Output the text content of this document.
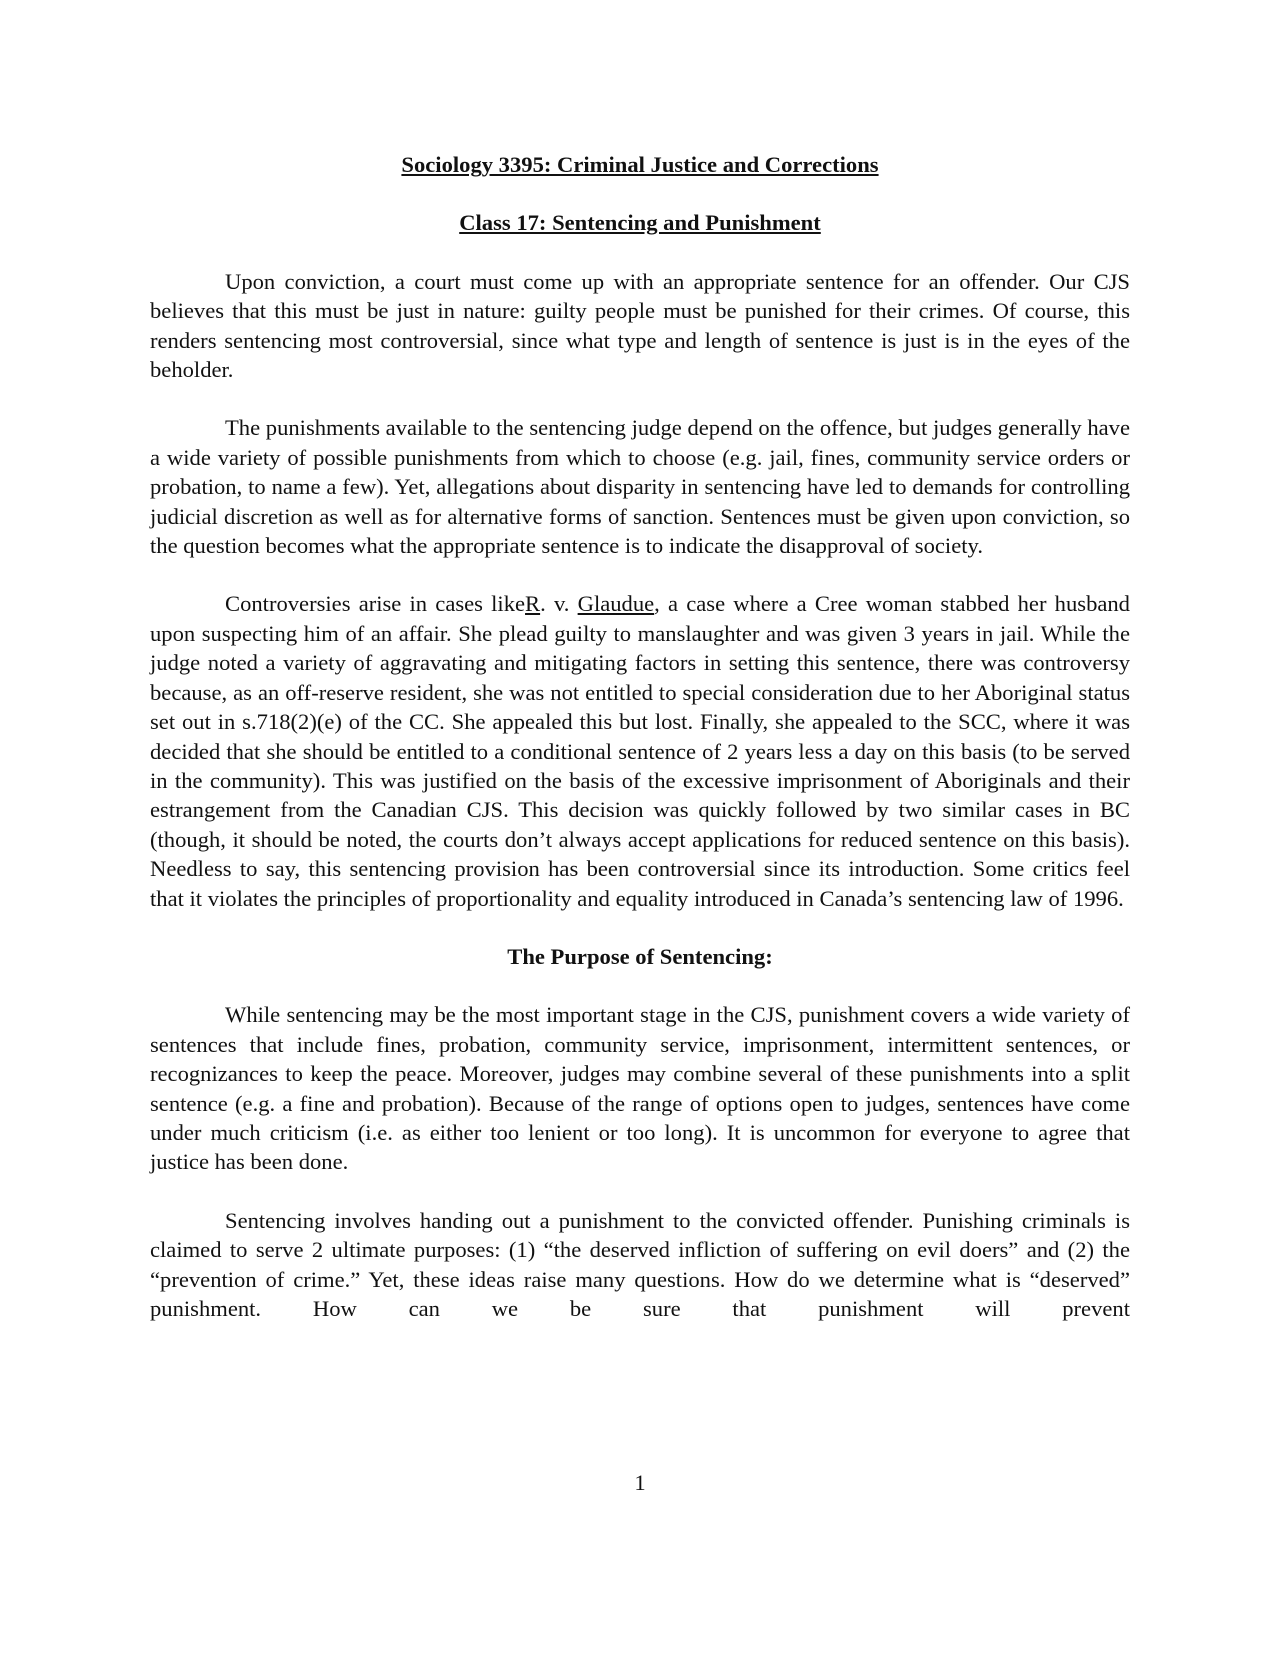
Sociology 3395: Criminal Justice and Corrections
Class 17: Sentencing and Punishment

Upon conviction, a court must come up with an appropriate sentence for an offender. Our CJS believes that this must be just in nature: guilty people must be punished for their crimes. Of course, this renders sentencing most controversial, since what type and length of sentence is just is in the eyes of the beholder.

The punishments available to the sentencing judge depend on the offence, but judges generally have a wide variety of possible punishments from which to choose (e.g. jail, fines, community service orders or probation, to name a few). Yet, allegations about disparity in sentencing have led to demands for controlling judicial discretion as well as for alternative forms of sanction. Sentences must be given upon conviction, so the question becomes what the appropriate sentence is to indicate the disapproval of society.

Controversies arise in cases likeR. v. Glaudue, a case where a Cree woman stabbed her husband upon suspecting him of an affair. She plead guilty to manslaughter and was given 3 years in jail. While the judge noted a variety of aggravating and mitigating factors in setting this sentence, there was controversy because, as an off-reserve resident, she was not entitled to special consideration due to her Aboriginal status set out in s.718(2)(e) of the CC. She appealed this but lost. Finally, she appealed to the SCC, where it was decided that she should be entitled to a conditional sentence of 2 years less a day on this basis (to be served in the community). This was justified on the basis of the excessive imprisonment of Aboriginals and their estrangement from the Canadian CJS. This decision was quickly followed by two similar cases in BC (though, it should be noted, the courts don’t always accept applications for reduced sentence on this basis). Needless to say, this sentencing provision has been controversial since its introduction. Some critics feel that it violates the principles of proportionality and equality introduced in Canada’s sentencing law of 1996.

The Purpose of Sentencing:

While sentencing may be the most important stage in the CJS, punishment covers a wide variety of sentences that include fines, probation, community service, imprisonment, intermittent sentences, or recognizances to keep the peace. Moreover, judges may combine several of these punishments into a split sentence (e.g. a fine and probation). Because of the range of options open to judges, sentences have come under much criticism (i.e. as either too lenient or too long). It is uncommon for everyone to agree that justice has been done.

Sentencing involves handing out a punishment to the convicted offender. Punishing criminals is claimed to serve 2 ultimate purposes: (1) “the deserved infliction of suffering on evil doers” and (2) the “prevention of crime.” Yet, these ideas raise many questions. How do we determine what is “deserved” punishment. How can we be sure that punishment will prevent

1
